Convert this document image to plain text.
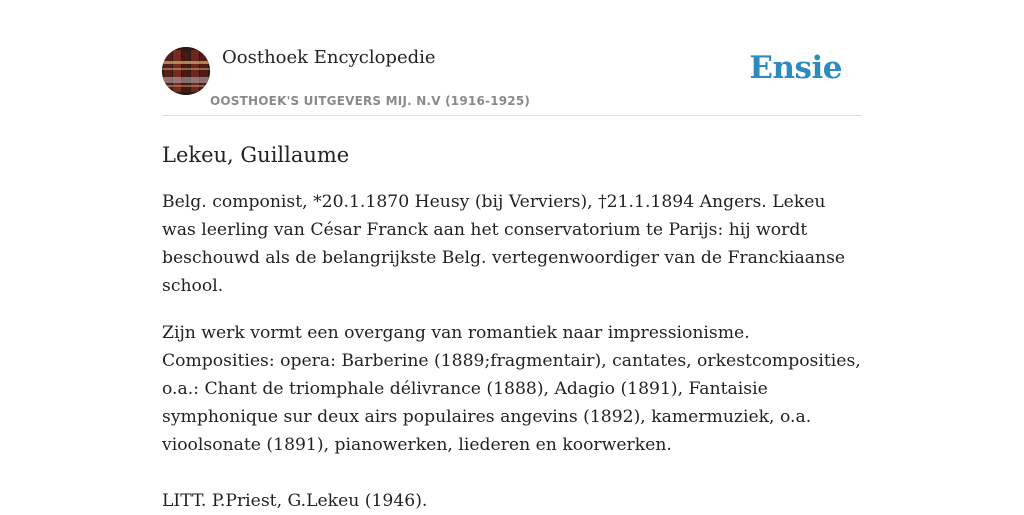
Oosthoek Encyclopedie
OOSTHOEK'S UITGEVERS MIJ. N.V (1916-1925)
Ensie
Lekeu, Guillaume

Belg. componist, *20.1.1870 Heusy (bij Verviers), †21.1.1894 Angers. Lekeu was leerling van César Franck aan het conservatorium te Parijs: hij wordt beschouwd als de belangrijkste Belg. vertegenwoordiger van de Franckiaanse school.

Zijn werk vormt een overgang van romantiek naar impressionisme. Composities: opera: Barberine (1889;fragmentair), cantates, orkestcomposities, o.a.: Chant de triomphale délivrance (1888), Adagio (1891), Fantaisie symphonique sur deux airs populaires angevins (1892), kamermuziek, o.a. vioolsonate (1891), pianowerken, liederen en koorwerken.

LITT. P.Priest, G.Lekeu (1946).
